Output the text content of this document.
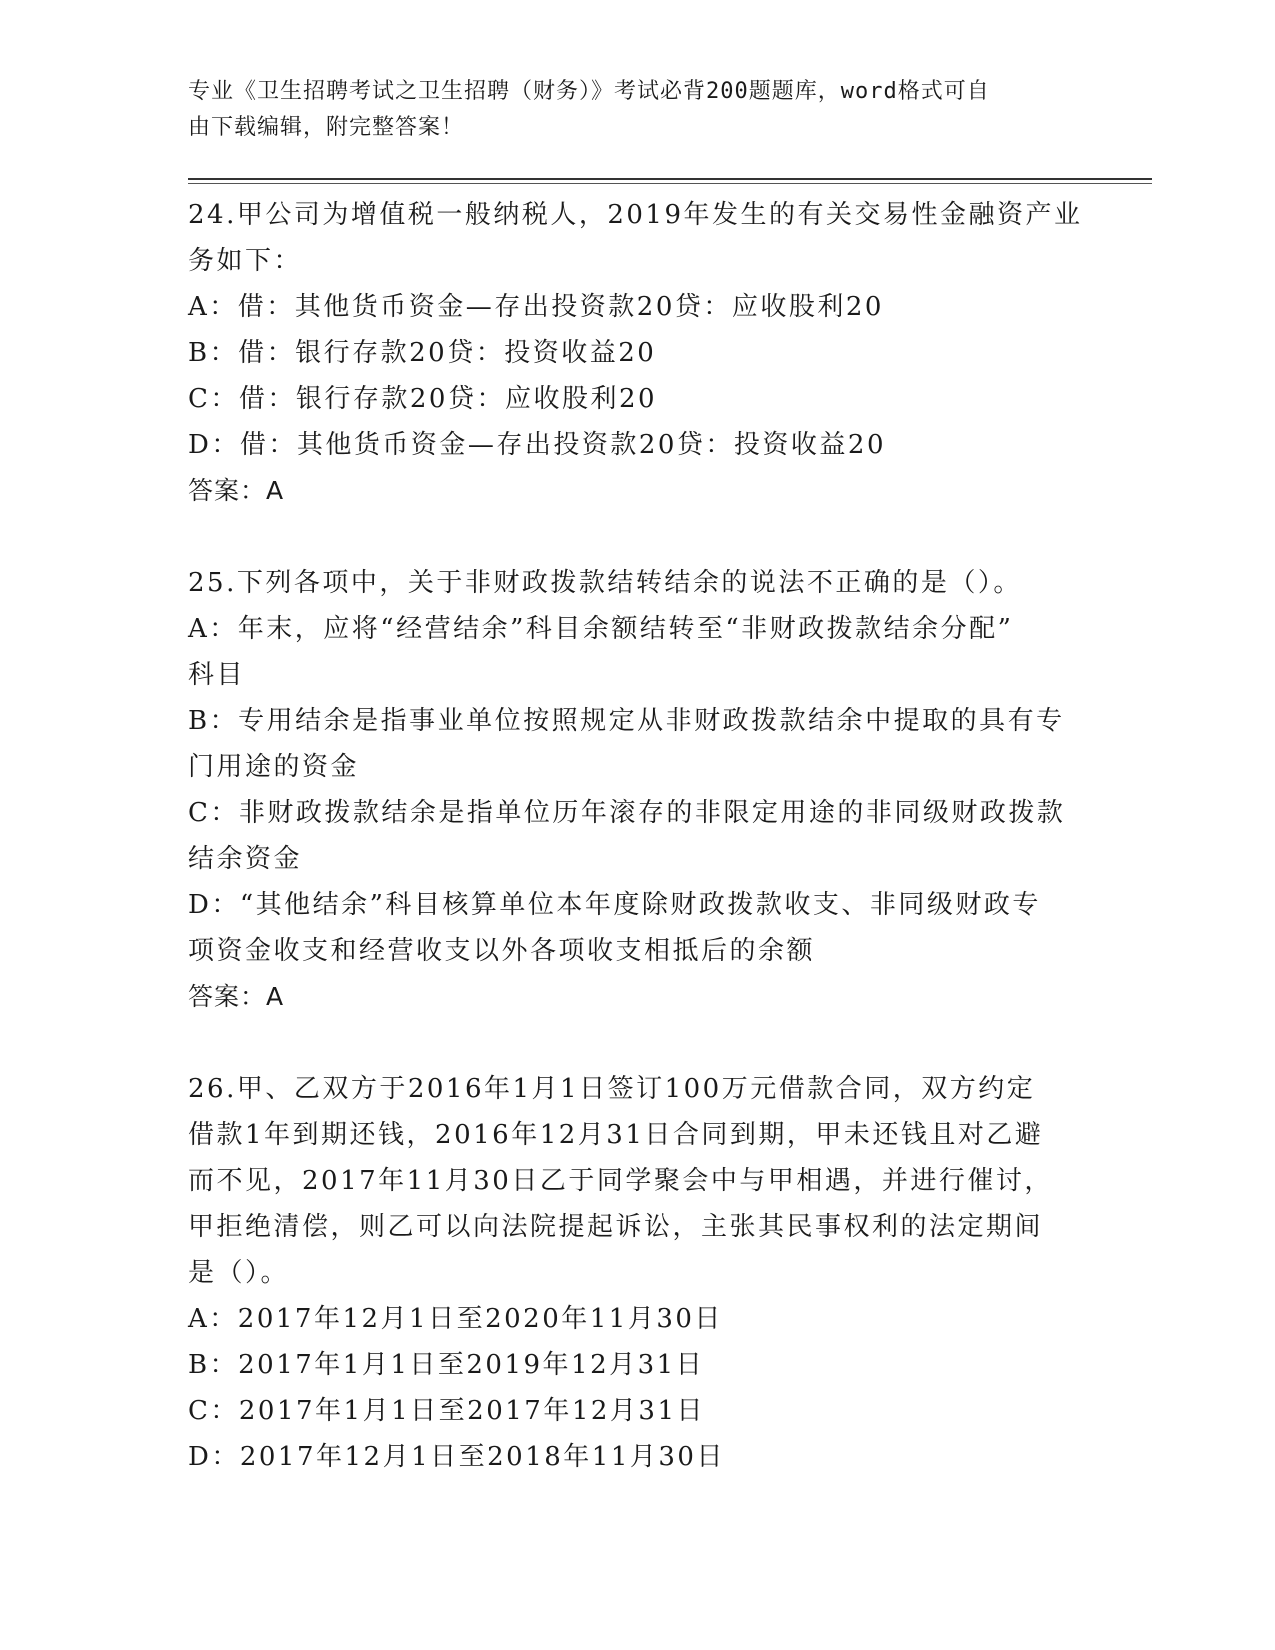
专业《卫生招聘考试之卫生招聘（财务）》考试必背200题题库，word格式可自
由下载编辑，附完整答案！
24.甲公司为增值税一般纳税人，2019年发生的有关交易性金融资产业
务如下：
A：借：其他货币资金—存出投资款20贷：应收股利20
B：借：银行存款20贷：投资收益20
C：借：银行存款20贷：应收股利20
D：借：其他货币资金—存出投资款20贷：投资收益20
答案：A
25.下列各项中，关于非财政拨款结转结余的说法不正确的是（）。
A：年末，应将“经营结余”科目余额结转至“非财政拨款结余分配”
科目
B：专用结余是指事业单位按照规定从非财政拨款结余中提取的具有专
门用途的资金
C：非财政拨款结余是指单位历年滚存的非限定用途的非同级财政拨款
结余资金
D：“其他结余”科目核算单位本年度除财政拨款收支、非同级财政专
项资金收支和经营收支以外各项收支相抵后的余额
答案：A
26.甲、乙双方于2016年1月1日签订100万元借款合同，双方约定
借款1年到期还钱，2016年12月31日合同到期，甲未还钱且对乙避
而不见，2017年11月30日乙于同学聚会中与甲相遇，并进行催讨，
甲拒绝清偿，则乙可以向法院提起诉讼，主张其民事权利的法定期间
是（）。
A：2017年12月1日至2020年11月30日
B：2017年1月1日至2019年12月31日
C：2017年1月1日至2017年12月31日
D：2017年12月1日至2018年11月30日
